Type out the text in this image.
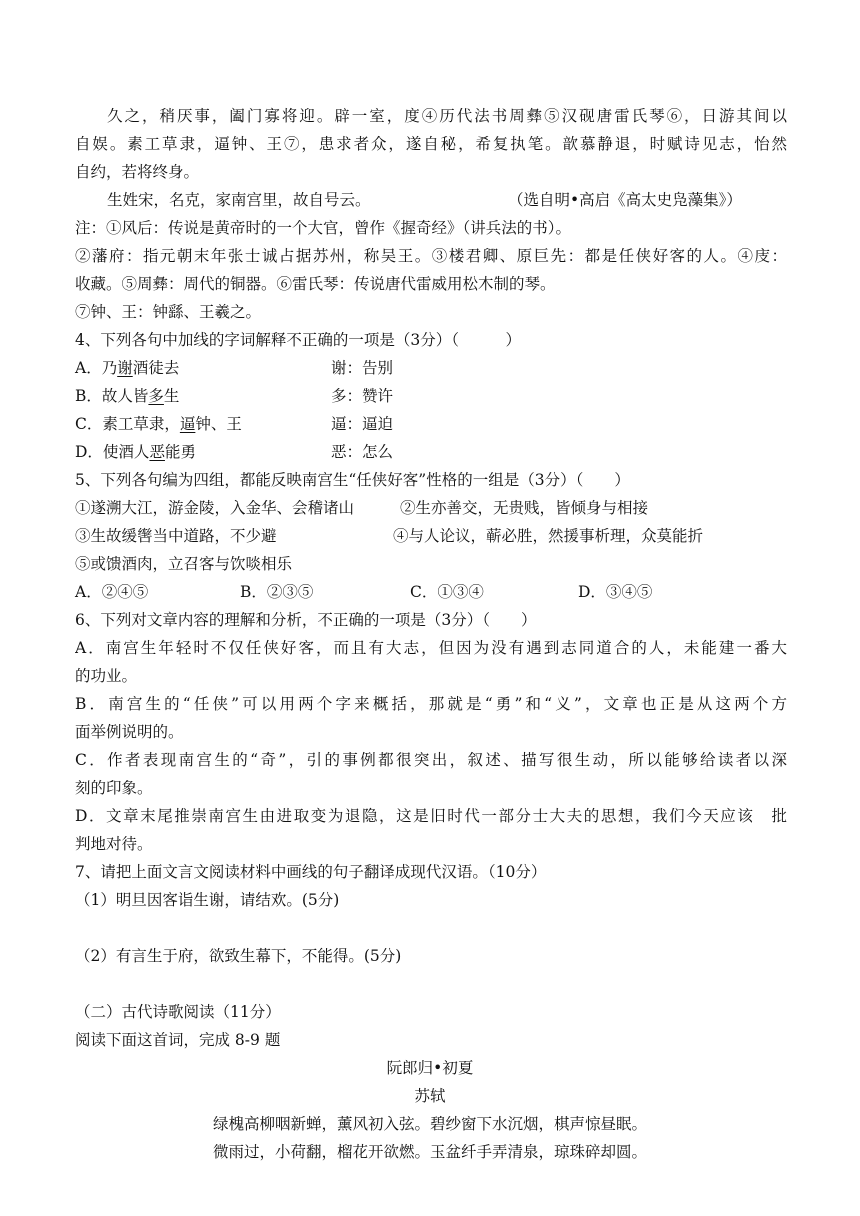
久之，稍厌事，阖门寡将迎。辟一室，度④历代法书周彝⑤汉砚唐雷氏琴⑥，日游其间以
自娱。素工草隶，逼钟、王⑦，患求者众，遂自秘，希复执笔。歆慕静退，时赋诗见志，怡然
自约，若将终身。
生姓宋，名克，家南宫里，故自号云。	（选自明•高启《高太史凫藻集》）
注：①风后：传说是黄帝时的一个大官，曾作《握奇经》（讲兵法的书）。
②藩府：指元朝末年张士诚占据苏州，称吴王。③楼君卿、原巨先：都是任侠好客的人。④庋：
收藏。⑤周彝：周代的铜器。⑥雷氏琴：传说唐代雷威用松木制的琴。
⑦钟、王：钟繇、王羲之。
4、下列各句中加线的字词解释不正确的一项是（3分）（　　　）
A．乃谢酒徒去	谢：告别
B．故人皆多生	多：赞许
C．素工草隶，逼钟、王	逼：逼迫
D．使酒人恶能勇	恶：怎么
5、下列各句编为四组，都能反映南宫生“任侠好客”性格的一组是（3分）（　　）
①遂溯大江，游金陵，入金华、会稽诸山	②生亦善交，无贵贱，皆倾身与相接
③生故缓辔当中道路，不少避	④与人论议，蕲必胜，然援事析理，众莫能折
⑤或馈酒肉，立召客与饮啖相乐
A．②④⑤	B．②③⑤	C．①③④	D．③④⑤
6、下列对文章内容的理解和分析，不正确的一项是（3分）（　　）
A．南宫生年轻时不仅任侠好客，而且有大志，但因为没有遇到志同道合的人，未能建一番大
的功业。
B．南宫生的“任侠”可以用两个字来概括，那就是“勇”和“义”，文章也正是从这两个方
面举例说明的。
C．作者表现南宫生的“奇”，引的事例都很突出，叙述、描写很生动，所以能够给读者以深
刻的印象。
D．文章末尾推崇南宫生由进取变为退隐，这是旧时代一部分士大夫的思想，我们今天应该　批
判地对待。
7、请把上面文言文阅读材料中画线的句子翻译成现代汉语。（10分）
（1）明旦因客诣生谢，请结欢。(5分)
（2）有言生于府，欲致生幕下，不能得。(5分)
（二）古代诗歌阅读（11分）
阅读下面这首词，完成 8-9 题
阮郎归•初夏
苏轼
绿槐高柳咽新蝉，薰风初入弦。碧纱窗下水沉烟，棋声惊昼眠。
微雨过，小荷翻，榴花开欲燃。玉盆纤手弄清泉，琼珠碎却圆。
